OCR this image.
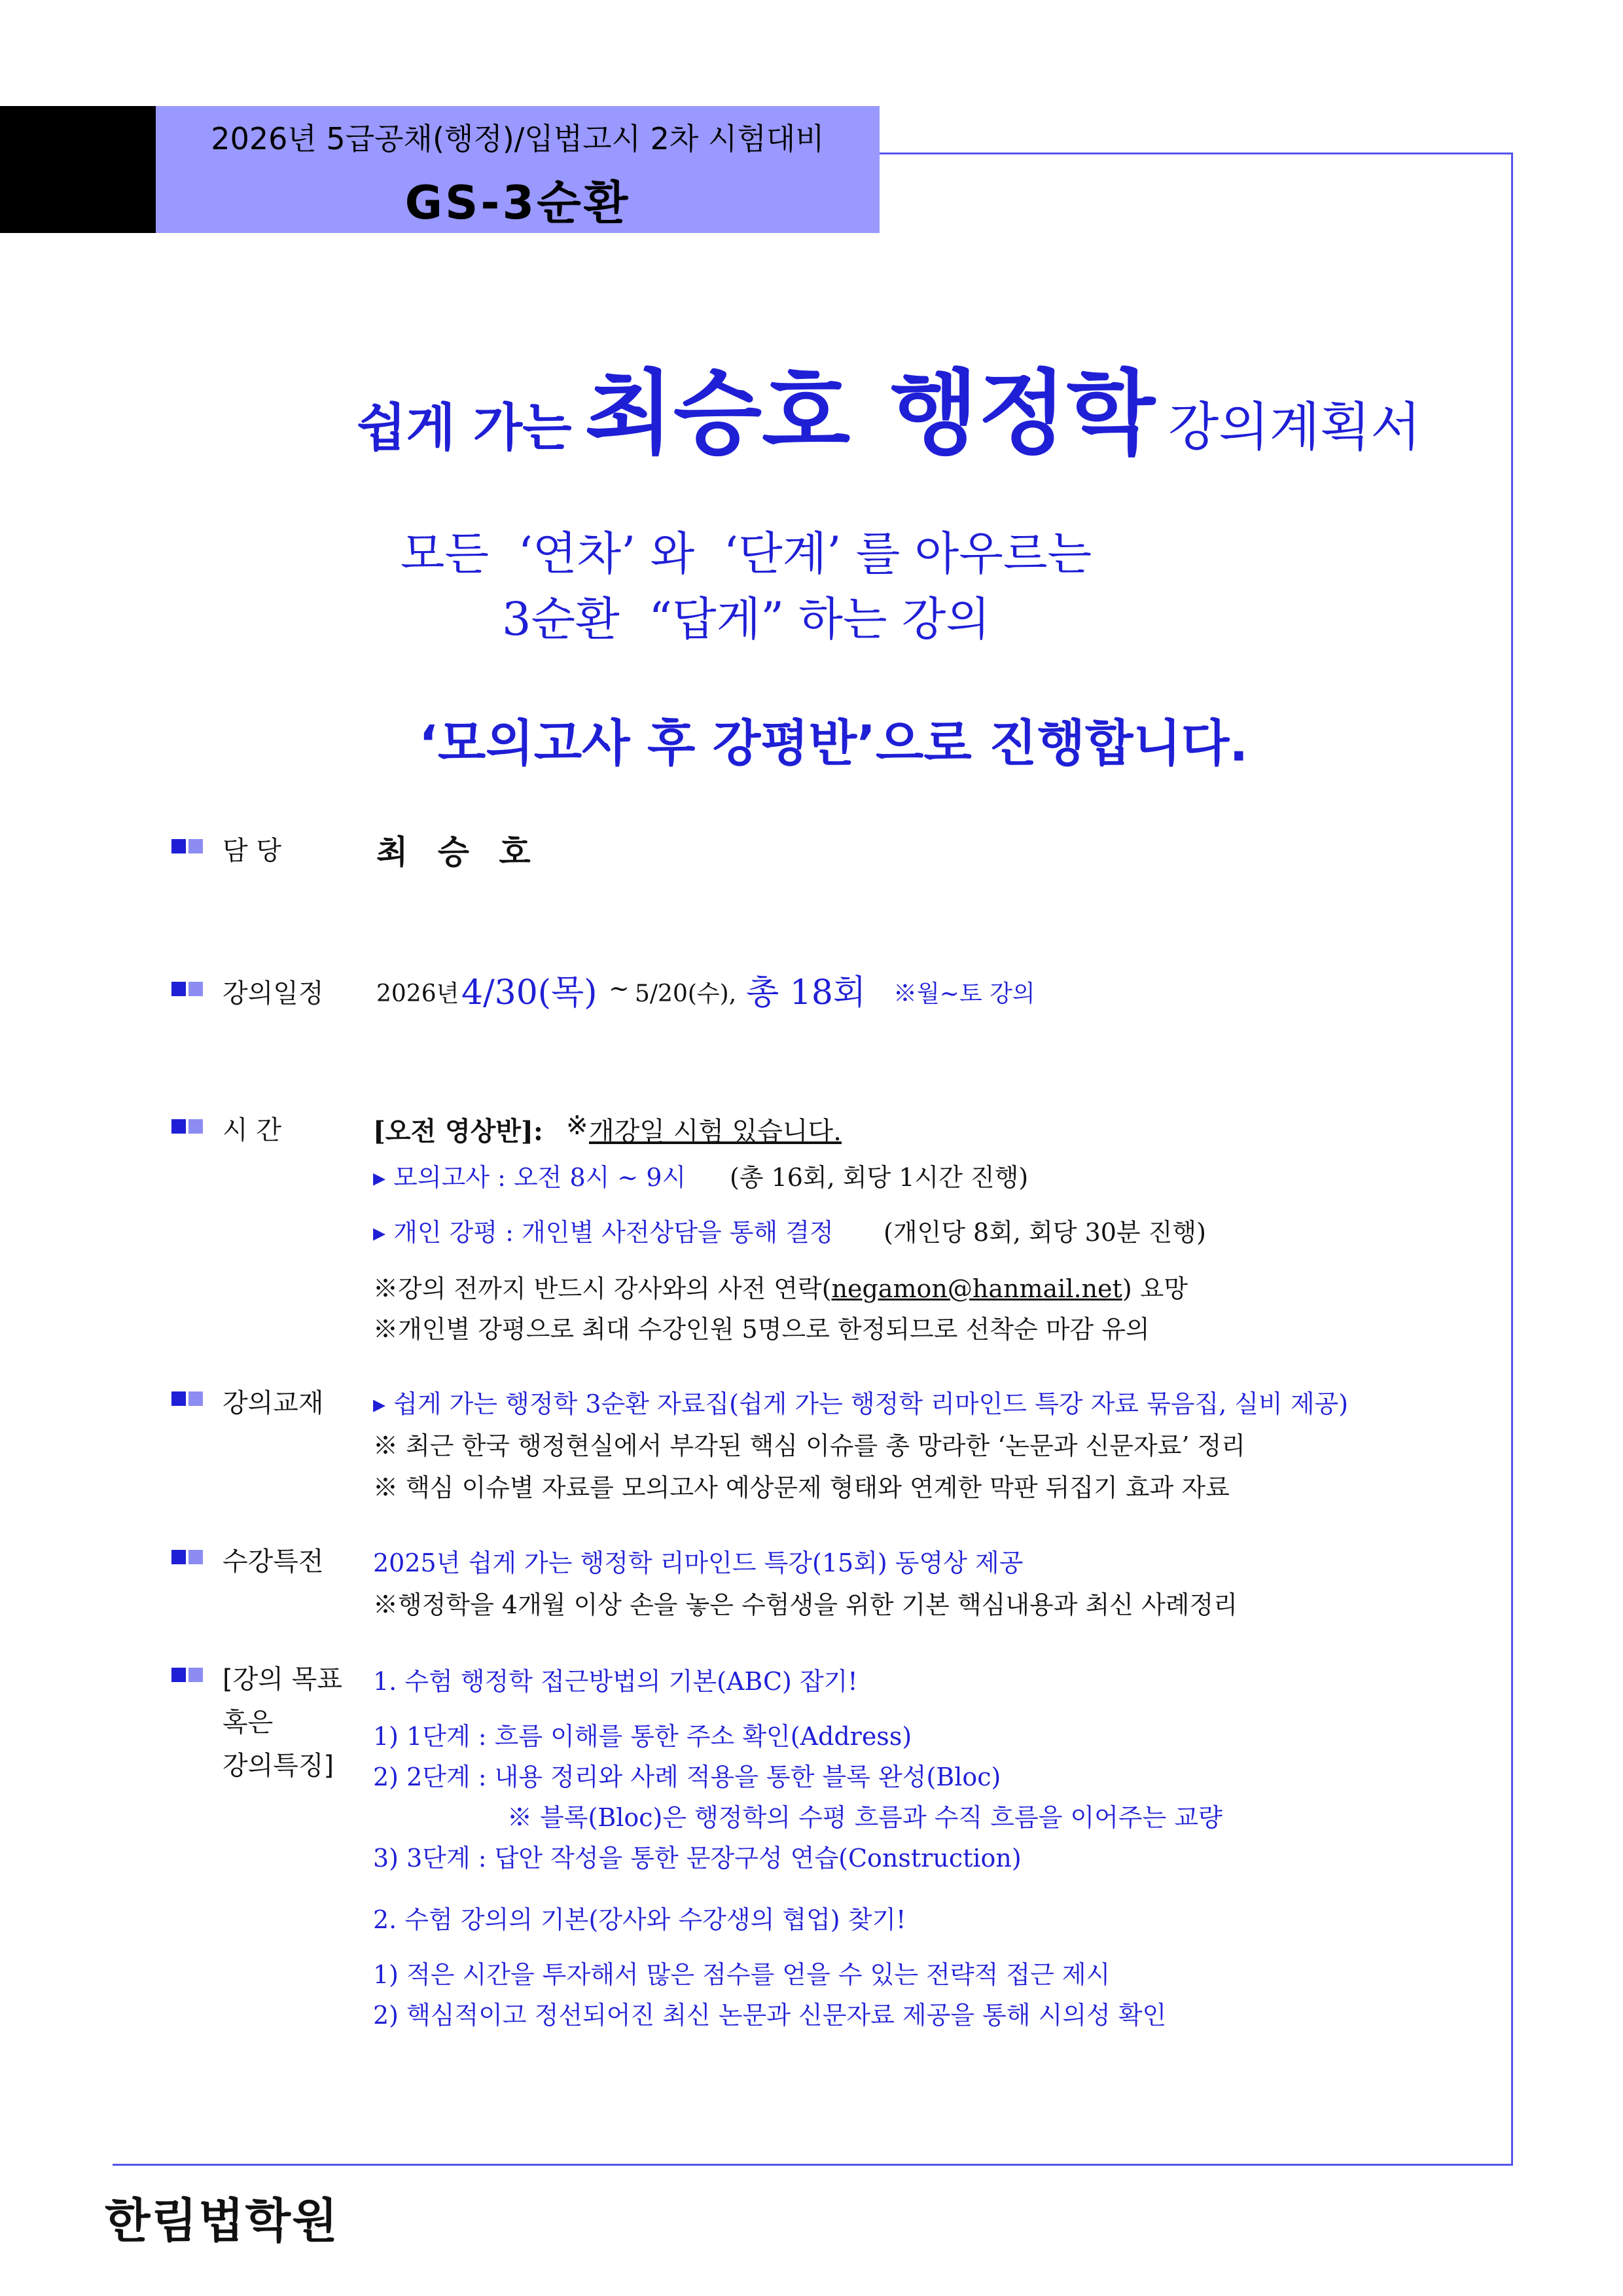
2026년 5급공채(행정)/입법고시 2차 시험대비
GS-3순환
쉽게 가는 최승호 행정학 강의계획서
모든  ‘연차’ 와  ‘단계’ 를 아우르는
3순환  “답게” 하는 강의
‘모의고사 후 강평반’으로 진행합니다.
담 당	최 승 호
강의일정 2026년 4/30(목) ~ 5/20(수), 총 18회 ※월~토 강의
시 간	[오전 영상반]: ※ 개강일 시험 있습니다.
▸ 모의고사 : 오전 8시 ~ 9시 (총 16회, 회당 1시간 진행)
▸ 개인 강평 : 개인별 사전상담을 통해 결정 (개인당 8회, 회당 30분 진행)
※강의 전까지 반드시 강사와의 사전 연락(negamon@hanmail.net) 요망
※개인별 강평으로 최대 수강인원 5명으로 한정되므로 선착순 마감 유의
강의교재 ▸ 쉽게 가는 행정학 3순환 자료집(쉽게 가는 행정학 리마인드 특강 자료 묶음집, 실비 제공)
※ 최근 한국 행정현실에서 부각된 핵심 이슈를 총 망라한 ‘논문과 신문자료’ 정리
※ 핵심 이슈별 자료를 모의고사 예상문제 형태와 연계한 막판 뒤집기 효과 자료
수강특전 2025년 쉽게 가는 행정학 리마인드 특강(15회) 동영상 제공
※행정학을 4개월 이상 손을 놓은 수험생을 위한 기본 핵심내용과 최신 사례정리
[강의 목표
혹은
강의특징]
1. 수험 행정학 접근방법의 기본(ABC) 잡기!
1) 1단계 : 흐름 이해를 통한 주소 확인(Address)
2) 2단계 : 내용 정리와 사례 적용을 통한 블록 완성(Bloc)
※ 블록(Bloc)은 행정학의 수평 흐름과 수직 흐름을 이어주는 교량
3) 3단계 : 답안 작성을 통한 문장구성 연습(Construction)
2. 수험 강의의 기본(강사와 수강생의 협업) 찾기!
1) 적은 시간을 투자해서 많은 점수를 얻을 수 있는 전략적 접근 제시
2) 핵심적이고 정선되어진 최신 논문과 신문자료 제공을 통해 시의성 확인
한림법학원
